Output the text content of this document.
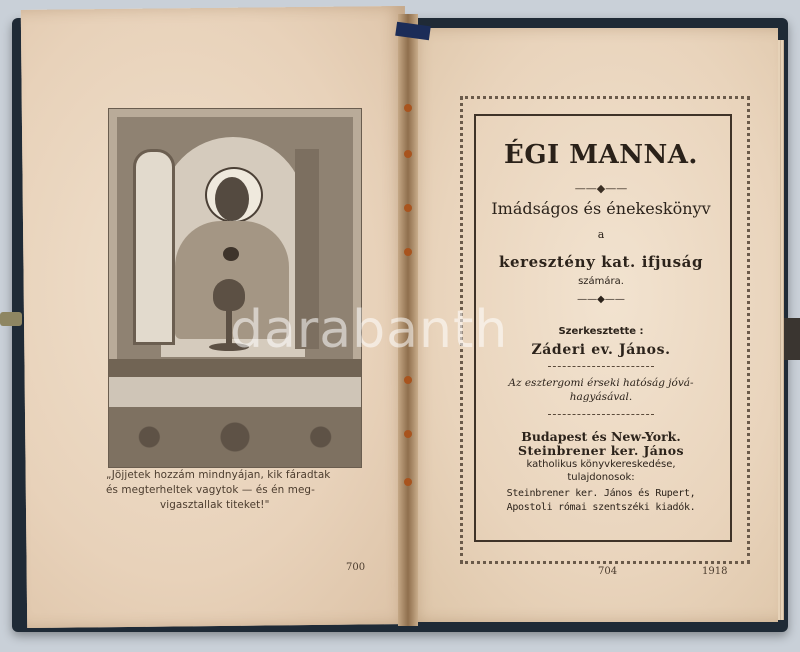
„Jöjjetek hozzám mindnyájan, kik fáradtak
és megterheltek vagytok — és én meg-
vigasztallak titeket!"
700
ÉGI MANNA.
——◆——
Imádságos és énekeskönyv
a
keresztény kat. ifjuság
számára.
——◆——
Szerkesztette :
Záderi ev. János.
Az esztergomi érseki hatóság jóvá-
hagyásával.
Budapest és New-York.
Steinbrener ker. János
katholikus könyvkereskedése,
tulajdonosok:
Steinbrener ker. János és Rupert,
Apostoli római szentszéki kiadók.
704	1918
darabanth
